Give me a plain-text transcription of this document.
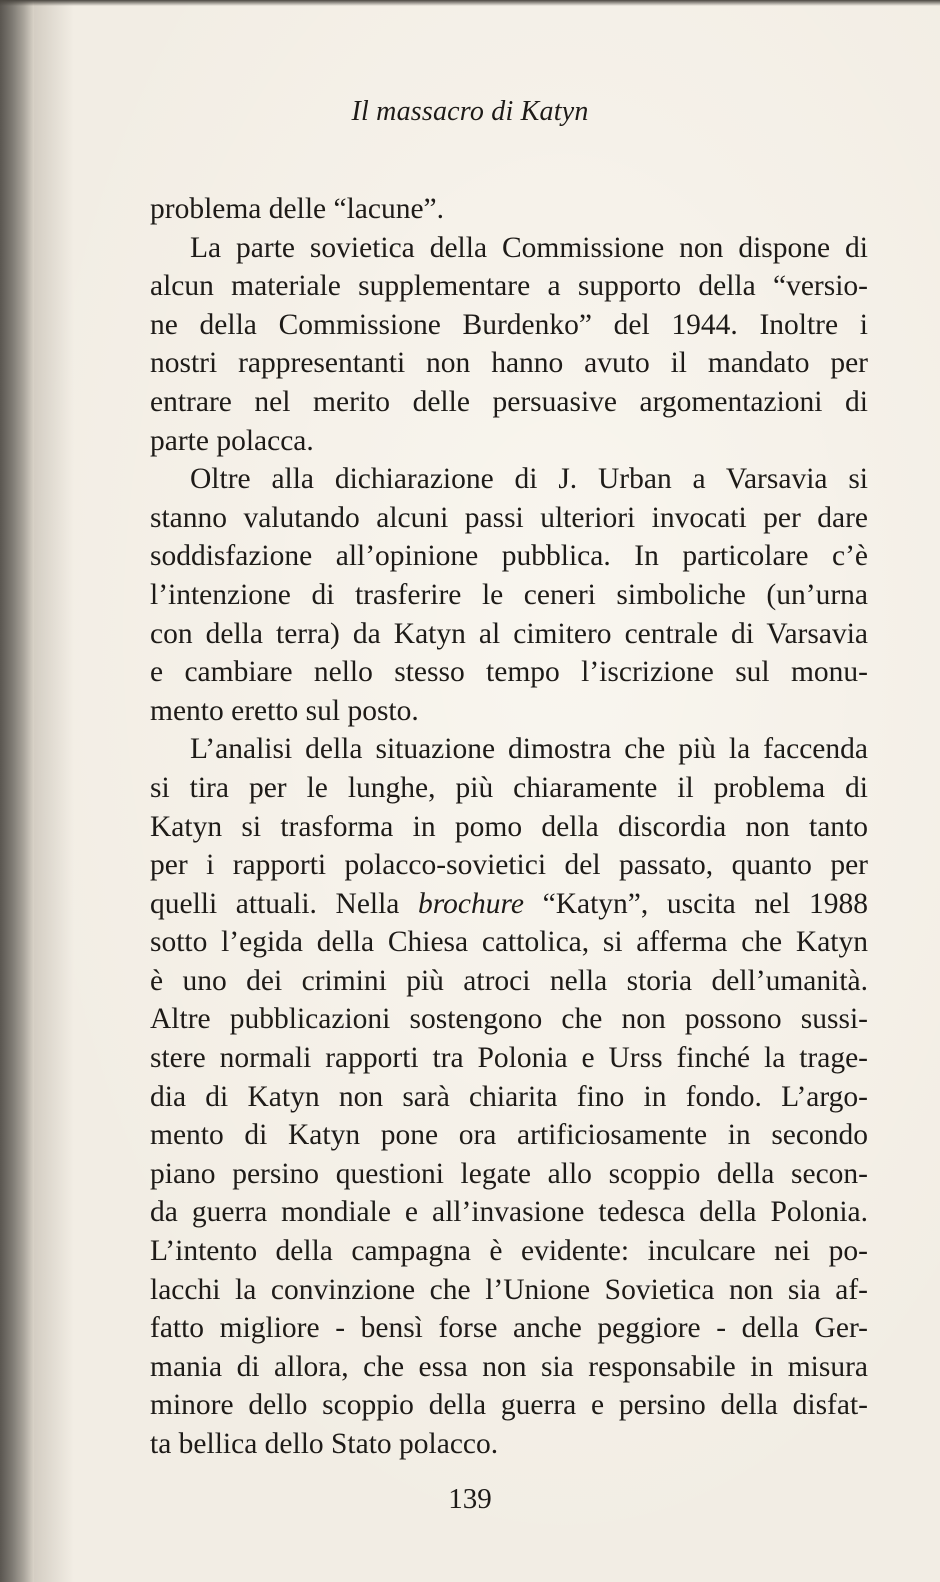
Il massacro di Katyn
problema delle “lacune”.
La parte sovietica della Commissione non dispone di
alcun materiale supplementare a supporto della “versio-
ne della Commissione Burdenko” del 1944. Inoltre i
nostri rappresentanti non hanno avuto il mandato per
entrare nel merito delle persuasive argomentazioni di
parte polacca.
Oltre alla dichiarazione di J. Urban a Varsavia si
stanno valutando alcuni passi ulteriori invocati per dare
soddisfazione all’opinione pubblica. In particolare c’è
l’intenzione di trasferire le ceneri simboliche (un’urna
con della terra) da Katyn al cimitero centrale di Varsavia
e cambiare nello stesso tempo l’iscrizione sul monu-
mento eretto sul posto.
L’analisi della situazione dimostra che più la faccenda
si tira per le lunghe, più chiaramente il problema di
Katyn si trasforma in pomo della discordia non tanto
per i rapporti polacco-sovietici del passato, quanto per
quelli attuali. Nella brochure “Katyn”, uscita nel 1988
sotto l’egida della Chiesa cattolica, si afferma che Katyn
è uno dei crimini più atroci nella storia dell’umanità.
Altre pubblicazioni sostengono che non possono sussi-
stere normali rapporti tra Polonia e Urss finché la trage-
dia di Katyn non sarà chiarita fino in fondo. L’argo-
mento di Katyn pone ora artificiosamente in secondo
piano persino questioni legate allo scoppio della secon-
da guerra mondiale e all’invasione tedesca della Polonia.
L’intento della campagna è evidente: inculcare nei po-
lacchi la convinzione che l’Unione Sovietica non sia af-
fatto migliore - bensì forse anche peggiore - della Ger-
mania di allora, che essa non sia responsabile in misura
minore dello scoppio della guerra e persino della disfat-
ta bellica dello Stato polacco.
139
